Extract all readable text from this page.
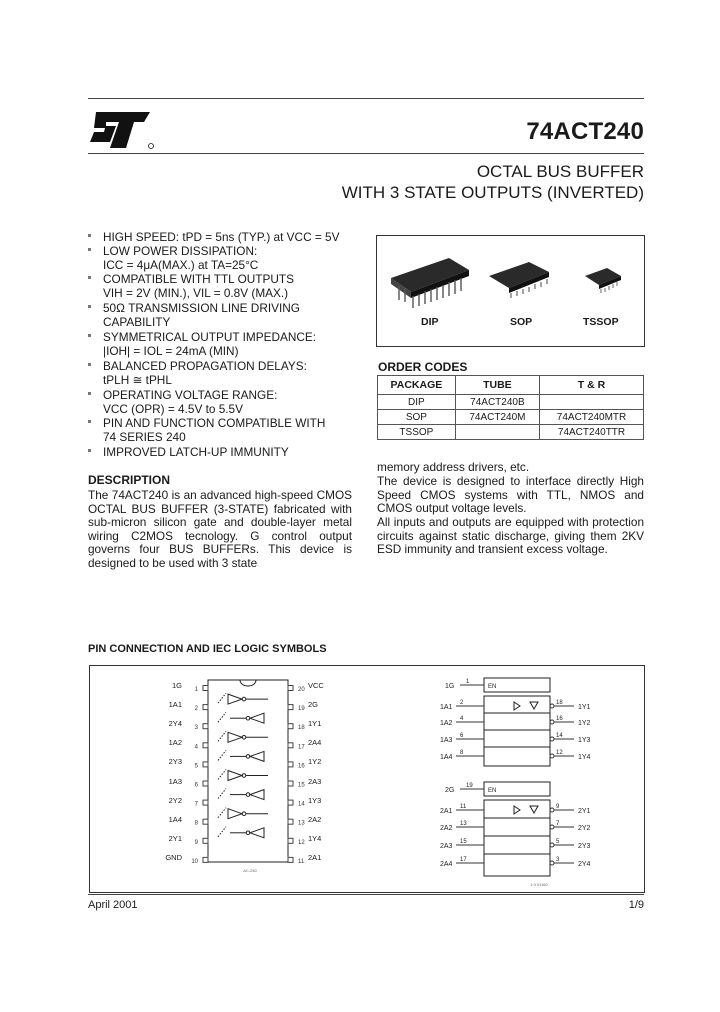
74ACT240
OCTAL BUS BUFFER
WITH 3 STATE OUTPUTS (INVERTED)
HIGH SPEED: tPD = 5ns (TYP.) at VCC = 5V
LOW POWER DISSIPATION:
ICC = 4μA(MAX.) at TA=25°C
COMPATIBLE WITH TTL OUTPUTS
VIH = 2V (MIN.), VIL = 0.8V (MAX.)
50Ω TRANSMISSION LINE DRIVING
CAPABILITY
SYMMETRICAL OUTPUT IMPEDANCE:
|IOH| = IOL = 24mA (MIN)
BALANCED PROPAGATION DELAYS:
tPLH ≅ tPHL
OPERATING VOLTAGE RANGE:
VCC (OPR) = 4.5V to 5.5V
PIN AND FUNCTION COMPATIBLE WITH
74 SERIES 240
IMPROVED LATCH-UP IMMUNITY
DIP	SOP	TSSOP
ORDER CODES
PACKAGE	TUBE	T & R
DIP	74ACT240B	
SOP	74ACT240M	74ACT240MTR
TSSOP		74ACT240TTR
DESCRIPTION
The 74ACT240 is an advanced high-speed CMOS OCTAL BUS BUFFER (3-STATE) fabricated with sub-micron silicon gate and double-layer metal wiring C2MOS tecnology. G control output governs four BUS BUFFERs. This device is designed to be used with 3 state
memory address drivers, etc.
The device is designed to interface directly High Speed CMOS systems with TTL, NMOS and CMOS output voltage levels.
All inputs and outputs are equipped with protection circuits against static discharge, giving them 2KV ESD immunity and transient excess voltage.
PIN CONNECTION AND IEC LOGIC SYMBOLS
1	20
2	19
3	18
4	17
5	16
6	15
7	14
8	13
9	12
10	11
AC-240
1G
1
EN
1A1
2	18
1Y1
1A2
4	16
1Y2
1A3
6	14
1Y3
1A4
8	12
1Y4
2G
19
EN
2A1
11	9
2Y1
2A2
13	7
2Y2
2A3
15	5
2Y3
2A4
17	3
2Y4
1:3 01160
1G
1A1
2Y4
1A2
2Y3
1A3
2Y2
1A4
2Y1
GND
VCC
2G
1Y1
2A4
1Y2
2A3
1Y3
2A2
1Y4
2A1
April 2001	1/9
